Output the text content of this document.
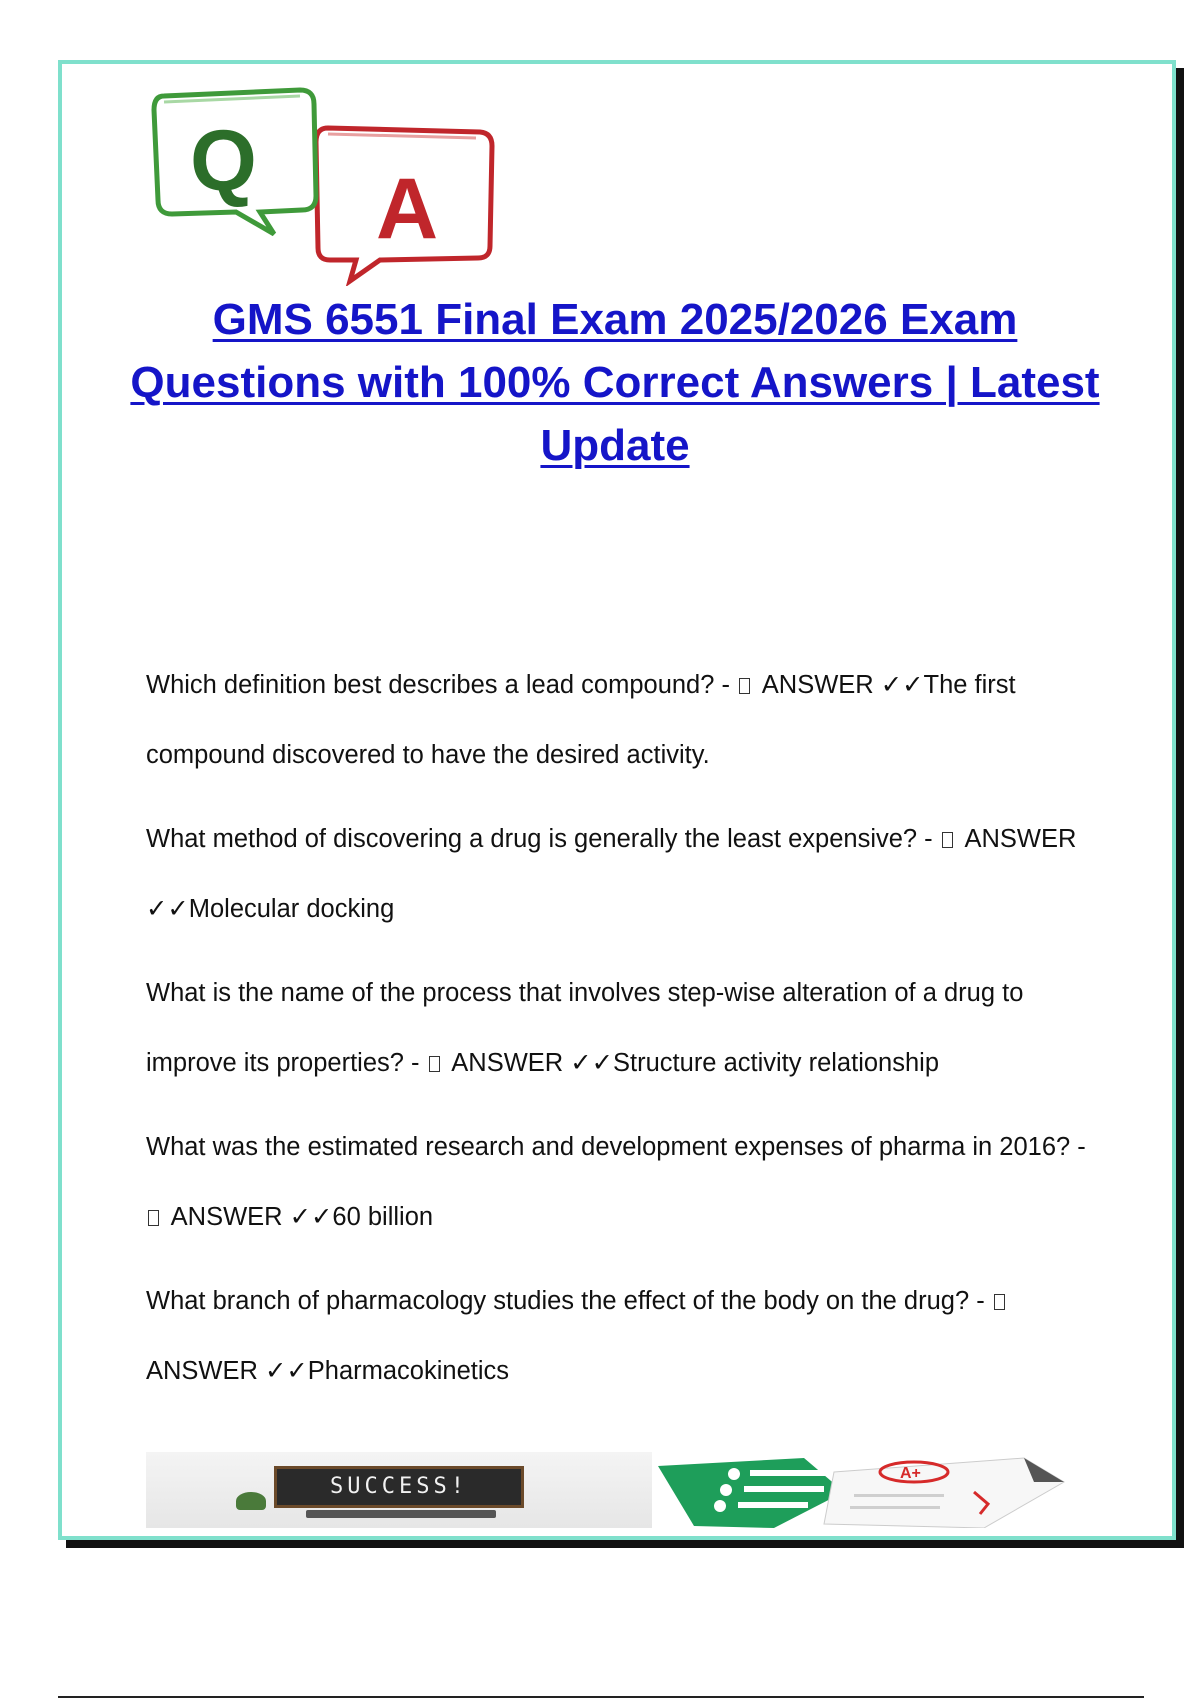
A
Q
GMS 6551 Final Exam 2025/2026 Exam Questions with 100% Correct Answers | Latest Update

Which definition best describes a lead compound? -  ANSWER ✓✓The first compound discovered to have the desired activity.

What method of discovering a drug is generally the least expensive? -  ANSWER ✓✓Molecular docking

What is the name of the process that involves step-wise alteration of a drug to improve its properties? -  ANSWER ✓✓Structure activity relationship

What was the estimated research and development expenses of pharma in 2016? -  ANSWER ✓✓60 billion

What branch of pharmacology studies the effect of the body on the drug? -  ANSWER ✓✓Pharmacokinetics

SUCCESS!
A+
